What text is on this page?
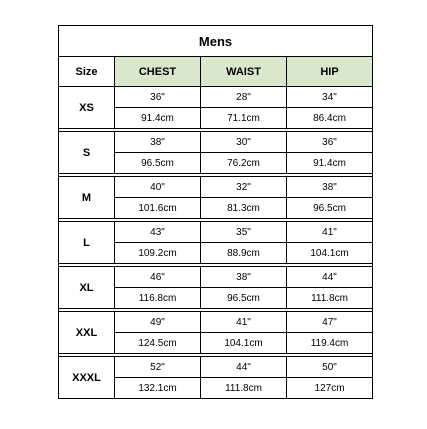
Mens			
Size	CHEST	WAIST	HIP
XS	36"	28"	34"
	91.4cm	71.1cm	86.4cm

S	38"	30"	36"
	96.5cm	76.2cm	91.4cm

M	40"	32"	38"
	101.6cm	81.3cm	96.5cm

L	43"	35"	41"
	109.2cm	88.9cm	104.1cm

XL	46"	38"	44"
	116.8cm	96.5cm	111.8cm

XXL	49"	41"	47"
	124.5cm	104.1cm	119.4cm

XXXL	52"	44"	50"
	132.1cm	111.8cm	127cm
